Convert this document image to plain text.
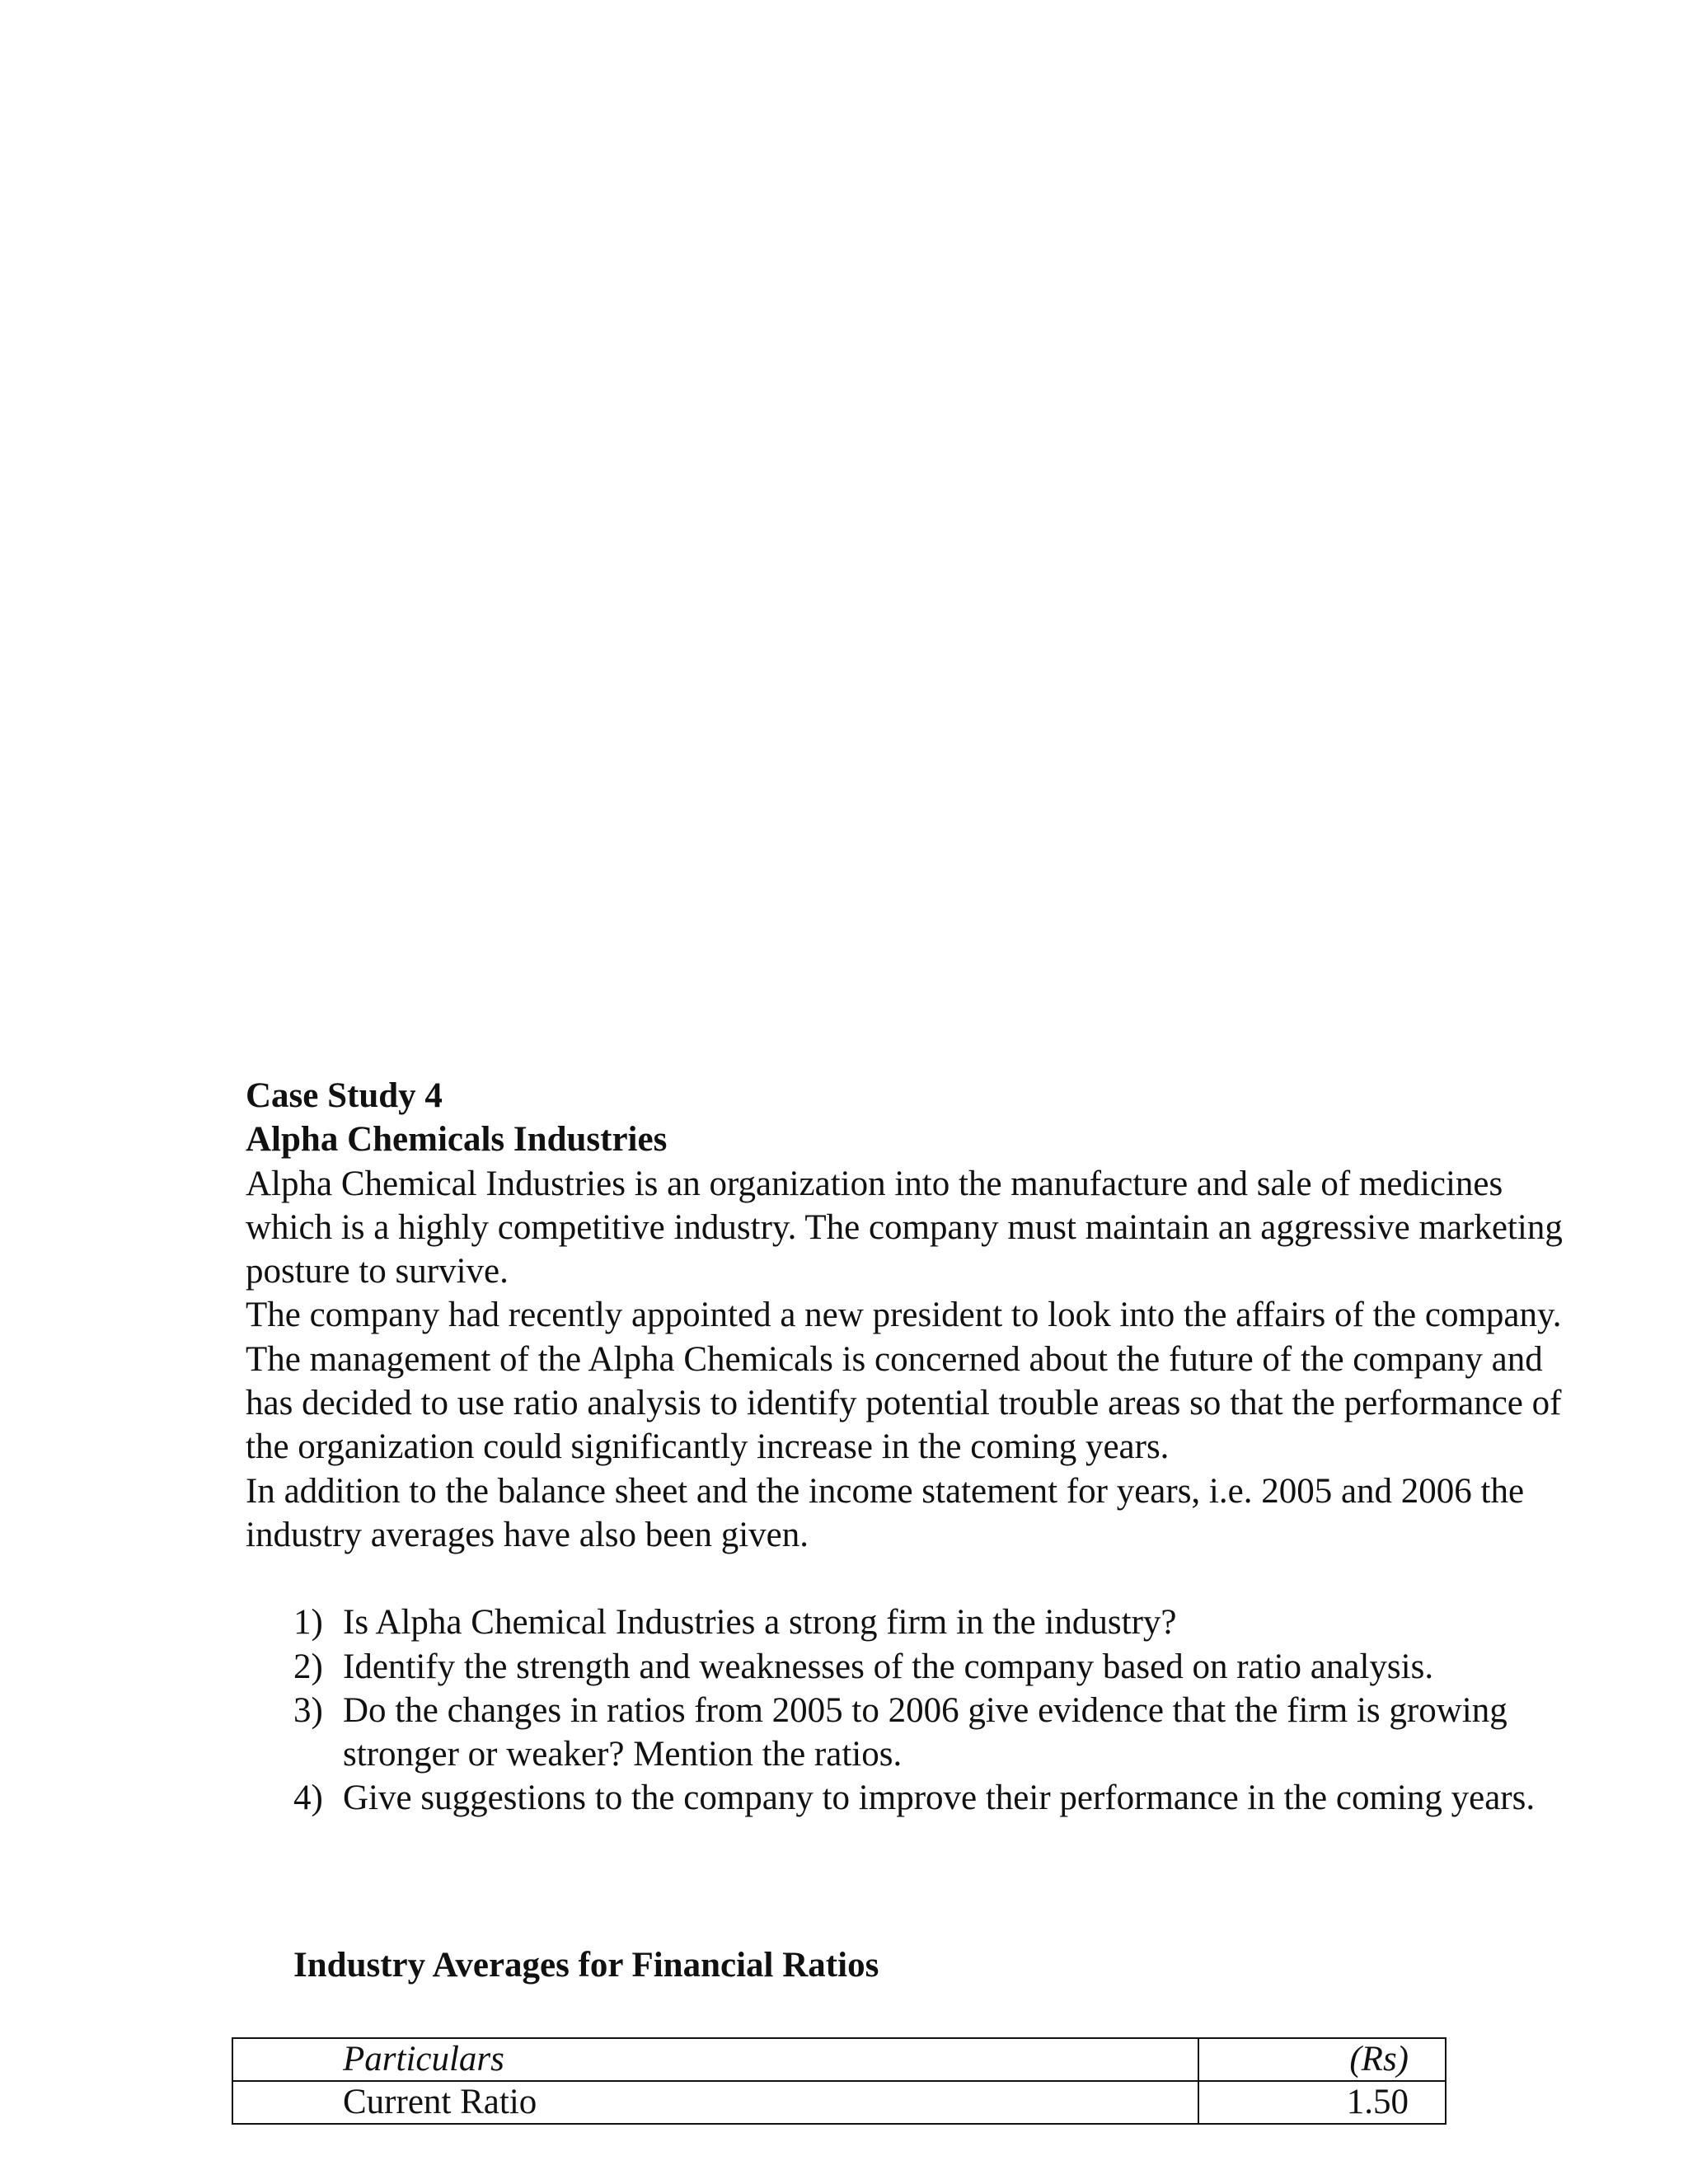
Case Study 4
Alpha Chemicals Industries

Alpha Chemical Industries is an organization into the manufacture and sale of medicines which is a highly competitive industry. The company must maintain an aggressive marketing posture to survive.

The company had recently appointed a new president to look into the affairs of the company. The management of the Alpha Chemicals is concerned about the future of the company and has decided to use ratio analysis to identify potential trouble areas so that the performance of the organization could significantly increase in the coming years.

In addition to the balance sheet and the income statement for years, i.e. 2005 and 2006 the industry averages have also been given.

1) Is Alpha Chemical Industries a strong firm in the industry?
2) Identify the strength and weaknesses of the company based on ratio analysis.
3) Do the changes in ratios from 2005 to 2006 give evidence that the firm is growing stronger or weaker? Mention the ratios.
4) Give suggestions to the company to improve their performance in the coming years.
Industry Averages for Financial Ratios
Particulars	(Rs)
Current Ratio	1.50
